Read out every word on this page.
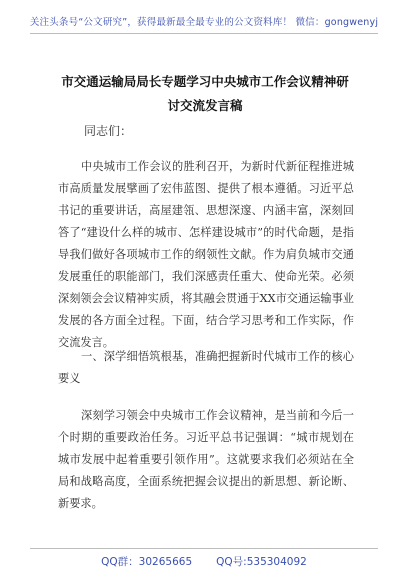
关注头条号“公文研究”，获得最新最全最专业的公文资料库！ 微信：gongwenyj
市交通运输局局长专题学习中央城市工作会议精神研讨交流发言稿
同志们：

中央城市工作会议的胜利召开，为新时代新征程推进城市高质量发展擘画了宏伟蓝图、提供了根本遵循。习近平总书记的重要讲话，高屋建瓴、思想深邃、内涵丰富，深刻回答了“建设什么样的城市、怎样建设城市”的时代命题，是指导我们做好各项城市工作的纲领性文献。作为肩负城市交通发展重任的职能部门，我们深感责任重大、使命光荣。必须深刻领会会议精神实质，将其融会贯通于XX市交通运输事业发展的各方面全过程。下面，结合学习思考和工作实际，作交流发言。

一、深学细悟筑根基，准确把握新时代城市工作的核心要义

深刻学习领会中央城市工作会议精神，是当前和今后一个时期的重要政治任务。习近平总书记强调：“城市规划在城市发展中起着重要引领作用”。这就要求我们必须站在全局和战略高度，全面系统把握会议提出的新思想、新论断、新要求。

QQ群：30265665 QQ号:535304092
